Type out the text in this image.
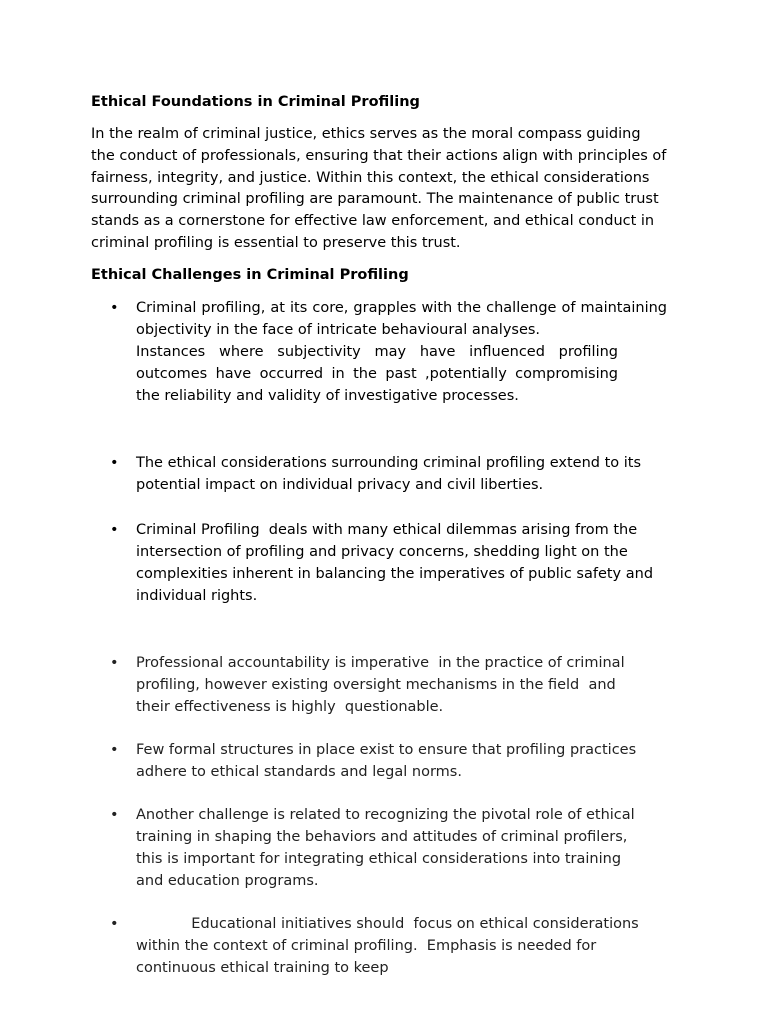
Ethical Foundations in Criminal Profiling
In the realm of criminal justice, ethics serves as the moral compass guiding
the conduct of professionals, ensuring that their actions align with principles of
fairness, integrity, and justice. Within this context, the ethical considerations
surrounding criminal profiling are paramount. The maintenance of public trust
stands as a cornerstone for effective law enforcement, and ethical conduct in
criminal profiling is essential to preserve this trust.
Ethical Challenges in Criminal Profiling
• Criminal profiling, at its core, grapples with the challenge of maintaining
objectivity in the face of intricate behavioural analyses.
Instances where subjectivity may have influenced profiling
outcomes have occurred in the past ,potentially compromising
the reliability and validity of investigative processes.
• The ethical considerations surrounding criminal profiling extend to its
potential impact on individual privacy and civil liberties.
• Criminal Profiling  deals with many ethical dilemmas arising from the
intersection of profiling and privacy concerns, shedding light on the
complexities inherent in balancing the imperatives of public safety and
individual rights.
• Professional accountability is imperative  in the practice of criminal
profiling, however existing oversight mechanisms in the field  and
their effectiveness is highly  questionable.
• Few formal structures in place exist to ensure that profiling practices
adhere to ethical standards and legal norms.
• Another challenge is related to recognizing the pivotal role of ethical
training in shaping the behaviors and attitudes of criminal profilers,
this is important for integrating ethical considerations into training
and education programs.
• Educational initiatives should  focus on ethical considerations
within the context of criminal profiling.  Emphasis is needed for
continuous ethical training to keep
